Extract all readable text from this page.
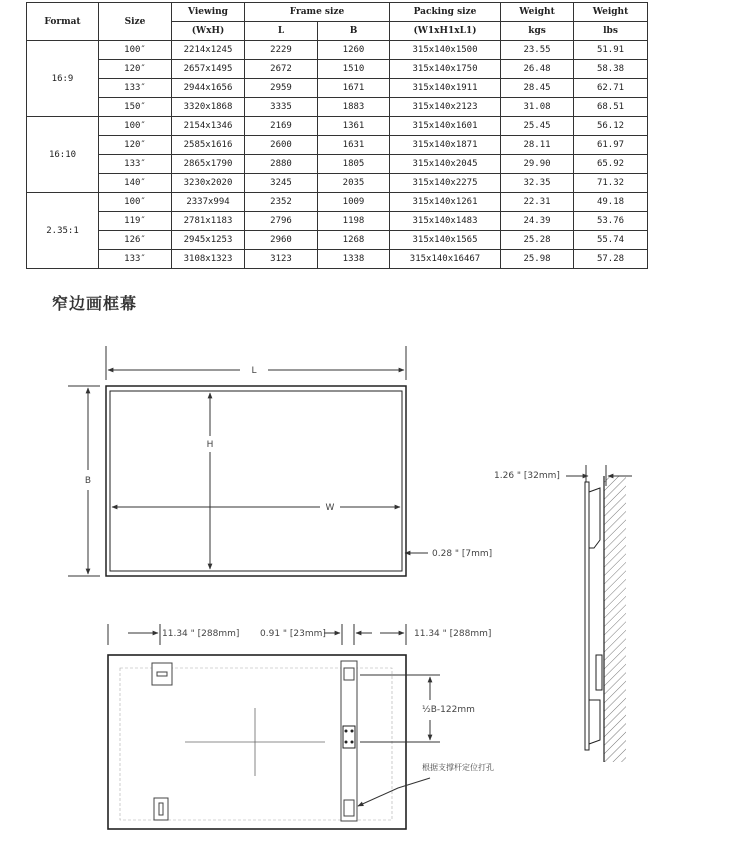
Format	Size	Viewing	Frame size		Packing size	Weight	Weight
		(WxH)	L	B	(W1xH1xL1)	kgs	lbs
16:9	100″	2214x1245	2229	1260	315x140x1500	23.55	51.91
	120″	2657x1495	2672	1510	315x140x1750	26.48	58.38
	133″	2944x1656	2959	1671	315x140x1911	28.45	62.71
	150″	3320x1868	3335	1883	315x140x2123	31.08	68.51
16:10	100″	2154x1346	2169	1361	315x140x1601	25.45	56.12
	120″	2585x1616	2600	1631	315x140x1871	28.11	61.97
	133″	2865x1790	2880	1805	315x140x2045	29.90	65.92
	140″	3230x2020	3245	2035	315x140x2275	32.35	71.32
2.35:1	100″	2337x994	2352	1009	315x140x1261	22.31	49.18
	119″	2781x1183	2796	1198	315x140x1483	24.39	53.76
	126″	2945x1253	2960	1268	315x140x1565	25.28	55.74
	133″	3108x1323	3123	1338	315x140x16467	25.98	57.28
窄边画框幕
L
B
H
W
0.28 " [7mm]
1.26 " [32mm]
11.34 " [288mm] 0.91 " [23mm]	11.34 " [288mm]
½B-122mm
根据支撑杆定位打孔
